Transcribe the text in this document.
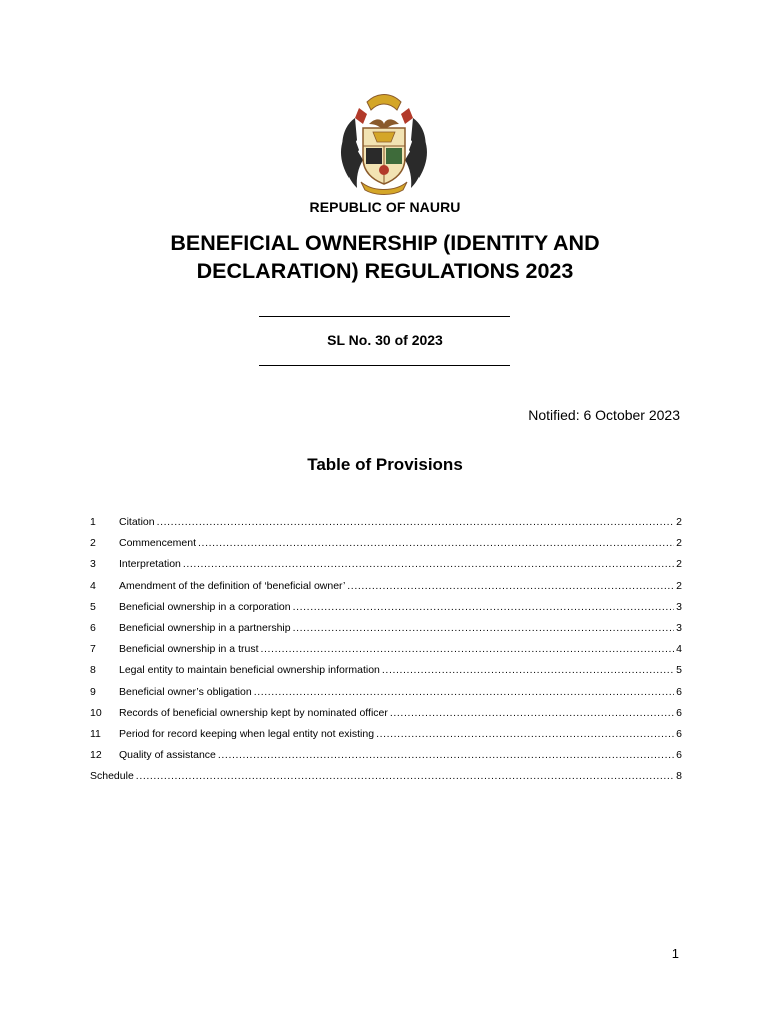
REPUBLIC OF NAURU
BENEFICIAL OWNERSHIP (IDENTITY AND
DECLARATION) REGULATIONS 2023
SL No. 30 of 2023
Notified: 6 October 2023
Table of Provisions
1	Citation .....	2
2	Commencement .....	2
3	Interpretation .....	2
4	Amendment of the definition of ‘beneficial owner’ .....	2
5	Beneficial ownership in a corporation .....	3
6	Beneficial ownership in a partnership .....	3
7	Beneficial ownership in a trust .....	4
8	Legal entity to maintain beneficial ownership information .....	5
9	Beneficial owner’s obligation .....	6
10	Records of beneficial ownership kept by nominated officer .....	6
11	Period for record keeping when legal entity not existing .....	6
12	Quality of assistance .....	6
Schedule .....	8
1
